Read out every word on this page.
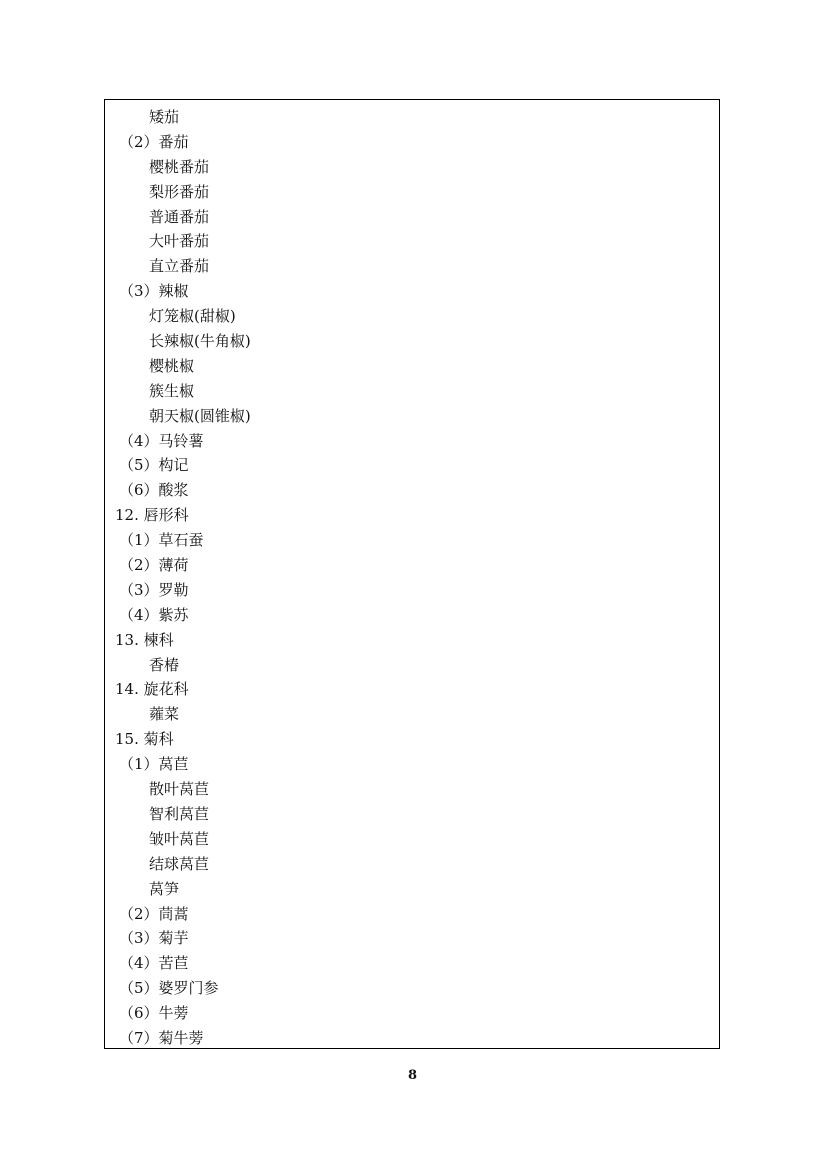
矮茄
（2）番茄
樱桃番茄
梨形番茄
普通番茄
大叶番茄
直立番茄
（3）辣椒
灯笼椒(甜椒)
长辣椒(牛角椒)
樱桃椒
簇生椒
朝天椒(圆锥椒)
（4）马铃薯
（5）构记
（6）酸浆
12. 唇形科
（1）草石蚕
（2）薄荷
（3）罗勒
（4）紫苏
13. 楝科
香椿
14. 旋花科
蕹菜
15. 菊科
（1）莴苣
散叶莴苣
智利莴苣
皱叶莴苣
结球莴苣
莴笋
（2）茼蒿
（3）菊芋
（4）苦苣
（5）婆罗门参
（6）牛蒡
（7）菊牛蒡
8
